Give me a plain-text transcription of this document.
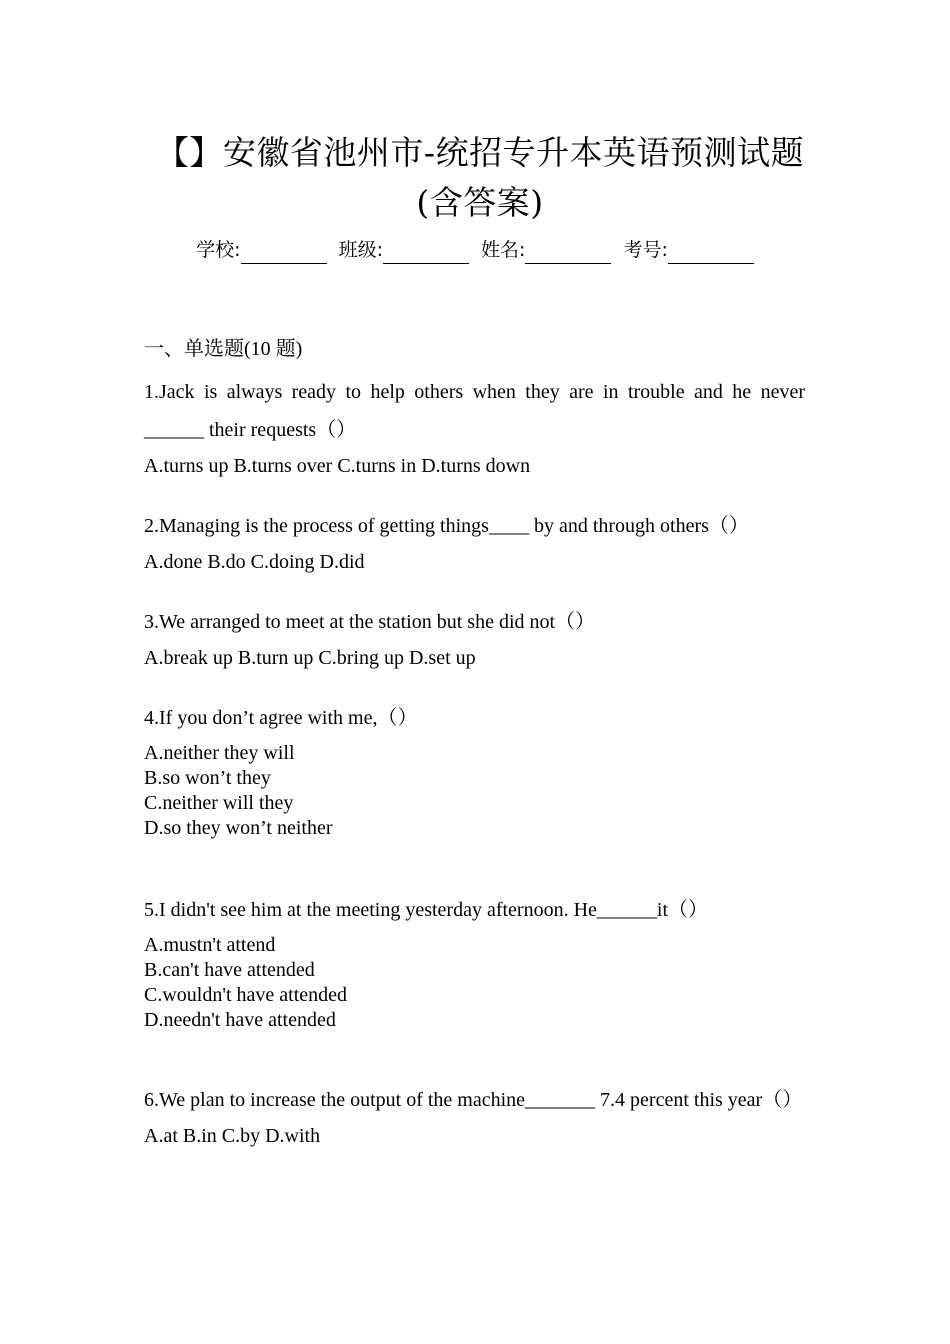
【】安徽省池州市-统招专升本英语预测试题(含答案)
学校:	班级:	姓名:	考号:
一、单选题(10 题)
1.Jack is always ready to help others when they are in trouble and he never ______ their requests（）
A.turns up B.turns over C.turns in D.turns down
2.Managing is the process of getting things____ by and through others（）
A.done B.do C.doing D.did
3.We arranged to meet at the station but she did not（）
A.break up B.turn up C.bring up D.set up
4.If you don’t agree with me,（）
A.neither they will
B.so won’t they
C.neither will they
D.so they won’t neither
5.I didn't see him at the meeting yesterday afternoon. He______it（）
A.mustn't attend
B.can't have attended
C.wouldn't have attended
D.needn't have attended
6.We plan to increase the output of the machine_______ 7.4 percent this year（）
A.at B.in C.by D.with
